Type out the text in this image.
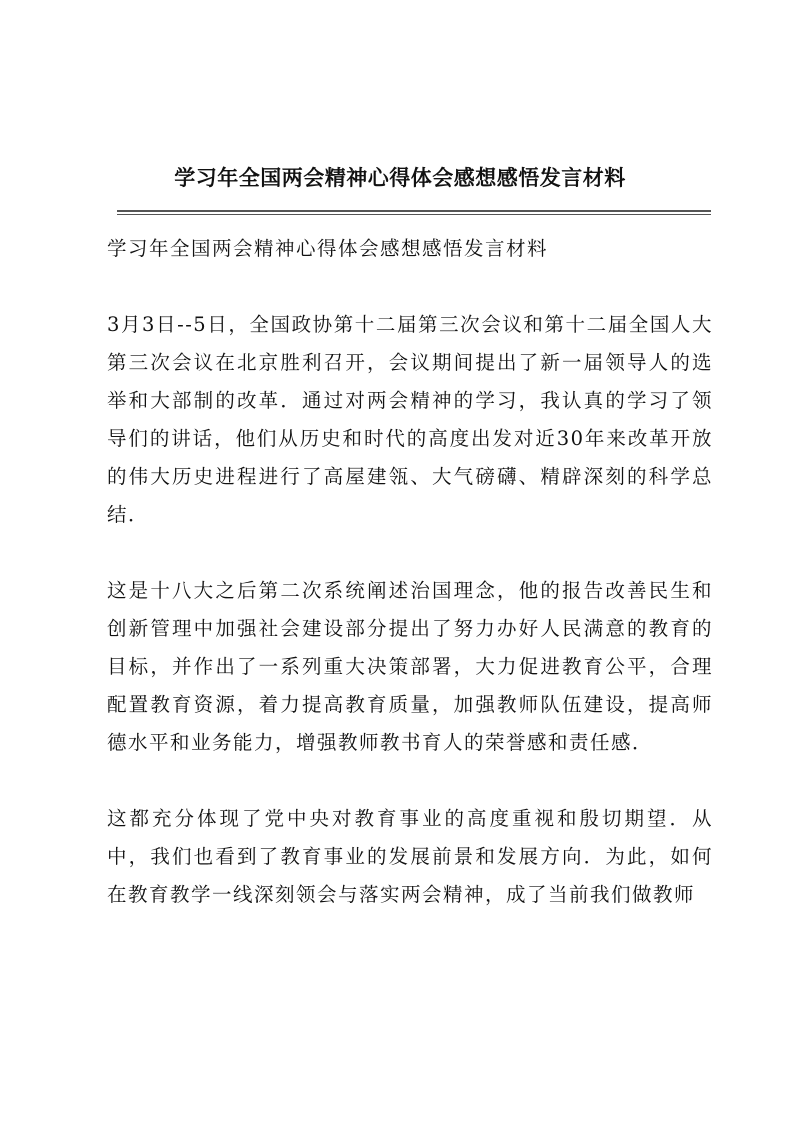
学习年全国两会精神心得体会感想感悟发言材料

学习年全国两会精神心得体会感想感悟发言材料

3月3日--5日，全国政协第十二届第三次会议和第十二届全国人大第三次会议在北京胜利召开，会议期间提出了新一届领导人的选举和大部制的改革．通过对两会精神的学习，我认真的学习了领导们的讲话，他们从历史和时代的高度出发对近30年来改革开放的伟大历史进程进行了高屋建瓴、大气磅礴、精辟深刻的科学总结．

这是十八大之后第二次系统阐述治国理念，他的报告改善民生和创新管理中加强社会建设部分提出了努力办好人民满意的教育的目标，并作出了一系列重大决策部署，大力促进教育公平，合理配置教育资源，着力提高教育质量，加强教师队伍建设，提高师德水平和业务能力，增强教师教书育人的荣誉感和责任感．

这都充分体现了党中央对教育事业的高度重视和殷切期望．从中，我们也看到了教育事业的发展前景和发展方向．为此，如何在教育教学一线深刻领会与落实两会精神，成了当前我们做教师
